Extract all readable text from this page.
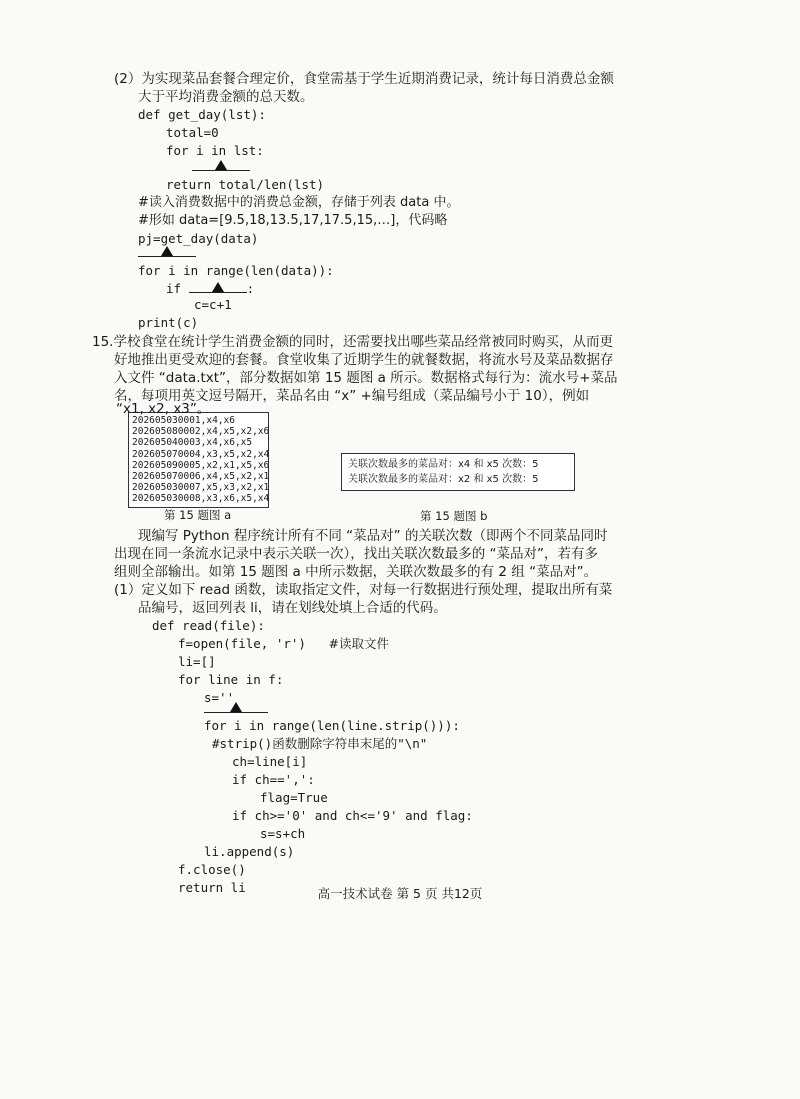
(2）为实现菜品套餐合理定价，食堂需基于学生近期消费记录，统计每日消费总金额
大于平均消费金额的总天数。
def get_day(lst):
total=0
for i in lst:
return total/len(lst)
#读入消费数据中的消费总金额，存储于列表 data 中。
#形如 data=[9.5,18,13.5,17,17.5,15,…]，代码略
pj=get_day(data)
for i in range(len(data)):
if	:
c=c+1
print(c)
15.学校食堂在统计学生消费金额的同时，还需要找出哪些菜品经常被同时购买，从而更
好地推出更受欢迎的套餐。食堂收集了近期学生的就餐数据，将流水号及菜品数据存
入文件 “data.txt”，部分数据如第 15 题图 a 所示。数据格式每行为：流水号+菜品
名，每项用英文逗号隔开，菜品名由 “x” +编号组成（菜品编号小于 10），例如
202605030001,x4,x6
202605080002,x4,x5,x2,x6
202605040003,x4,x6,x5
202605070004,x3,x5,x2,x4
202605090005,x2,x1,x5,x6
202605070006,x4,x5,x2,x1
202605030007,x5,x3,x2,x1
202605030008,x3,x6,x5,x4
第 15 题图 a
关联次数最多的菜品对：x4 和 x5 次数：5
关联次数最多的菜品对：x2 和 x5 次数：5
第 15 题图 b
现编写 Python 程序统计所有不同 “菜品对” 的关联次数（即两个不同菜品同时
出现在同一条流水记录中表示关联一次），找出关联次数最多的 “菜品对”，若有多
组则全部输出。如第 15 题图 a 中所示数据，关联次数最多的有 2 组 “菜品对”。
(1）定义如下 read 函数，读取指定文件，对每一行数据进行预处理，提取出所有菜
品编号，返回列表 li，请在划线处填上合适的代码。
def read(file):
f=open(file, 'r') #读取文件
li=[]
for line in f:
s=''
for i in range(len(line.strip())):
#strip()函数删除字符串末尾的"\n"
ch=line[i]
if ch==',':
flag=True
if ch>='0' and ch<='9' and flag:
s=s+ch
li.append(s)
f.close()
return li	高一技术试卷 第 5 页 共12页
“x1, x2, x3”。
